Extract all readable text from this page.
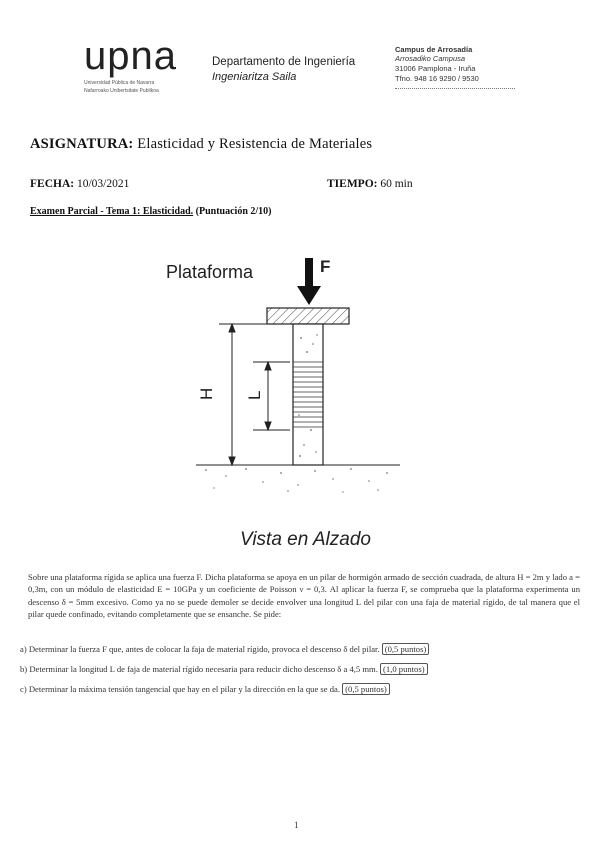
upna
Universidad Pública de Navarra
Nafarroako Unibertsitate Publikoa
Departamento de Ingeniería
Ingeniaritza Saila
Campus de Arrosadía
Arrosadiko Campusa
31006 Pamplona - Iruña
Tfno. 948 16 9290 / 9530
ASIGNATURA: Elasticidad y Resistencia de Materiales
FECHA: 10/03/2021	TIEMPO: 60 min
Examen Parcial - Tema 1: Elasticidad. (Puntuación 2/10)
Plataforma	F
H L
Vista en Alzado
Sobre una plataforma rígida se aplica una fuerza F. Dicha plataforma se apoya en un pilar de hormigón armado de sección cuadrada, de altura H = 2m y lado a = 0,3m, con un módulo de elasticidad E = 10GPa y un coeficiente de Poisson ν = 0,3. Al aplicar la fuerza F, se comprueba que la plataforma experimenta un descenso δ = 5mm excesivo. Como ya no se puede demoler se decide envolver una longitud L del pilar con una faja de material rígido, de tal manera que el pilar quede confinado, evitando completamente que se ensanche. Se pide:
a) Determinar la fuerza F que, antes de colocar la faja de material rígido, provoca el descenso δ del pilar. (0,5 puntos)
b) Determinar la longitud L de faja de material rígido necesaria para reducir dicho descenso δ a 4,5 mm. (1,0 puntos)
c) Determinar la máxima tensión tangencial que hay en el pilar y la dirección en la que se da. (0,5 puntos)
1
